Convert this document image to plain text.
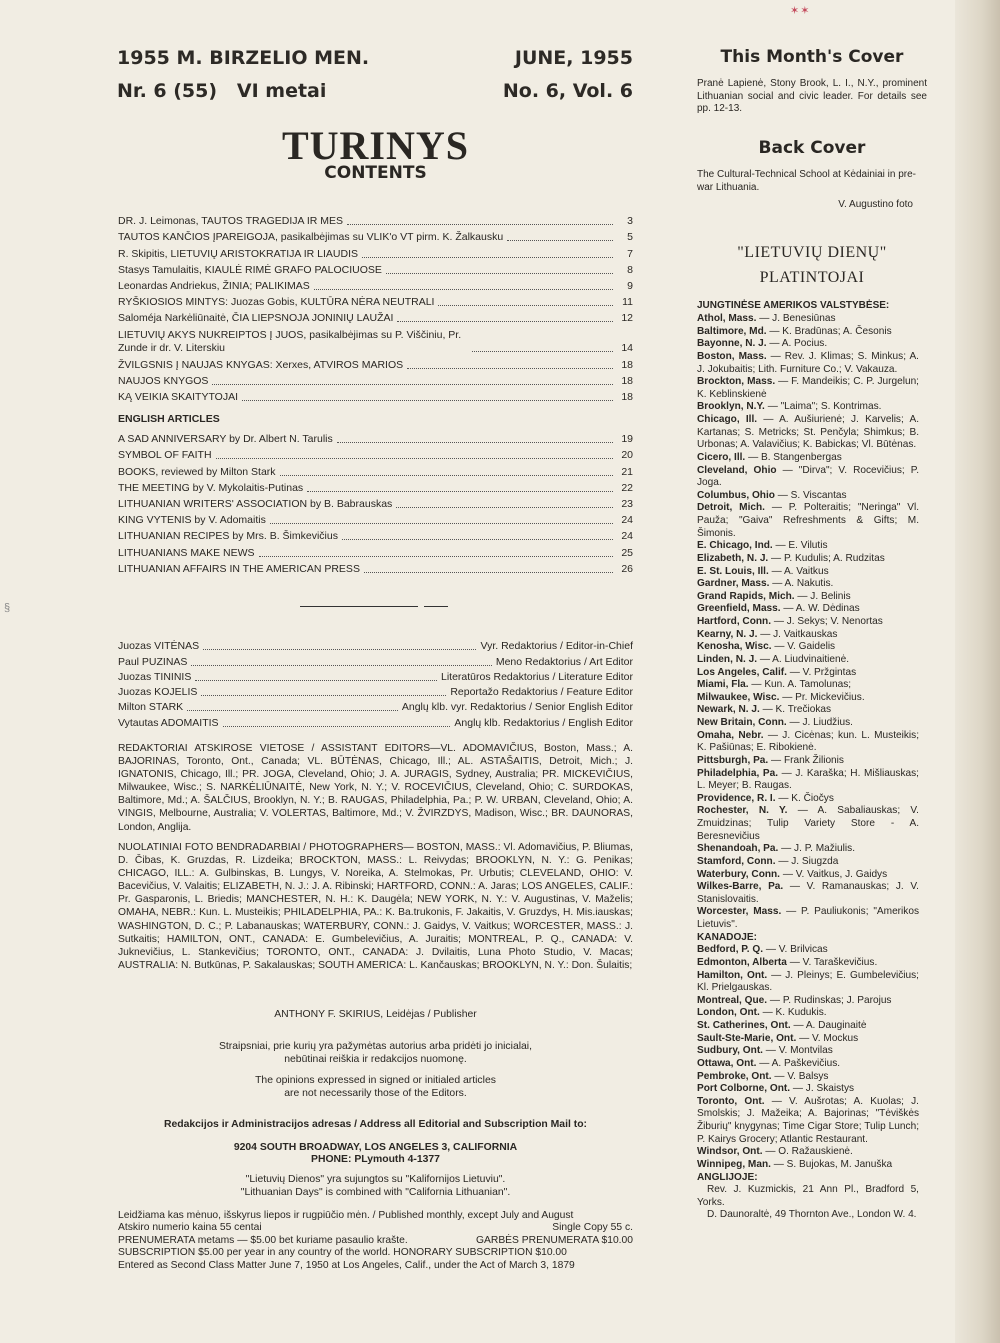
✶✶
1955 M. BIRZELIO MEN.
Nr. 6 (55)   VI metai
JUNE, 1955
No. 6, Vol. 6
TURINYS
CONTENTS
DR. J. Leimonas, TAUTOS TRAGEDIJA IR MES	3
TAUTOS KANČIOS ĮPAREIGOJA, pasikalbėjimas su VLIK'o VT pirm. K. Žalkausku	5
R. Skipitis, LIETUVIŲ ARISTOKRATIJA IR LIAUDIS	7
Stasys Tamulaitis, KIAULĖ RIMĖ GRAFO PALOCIUOSE	8
Leonardas Andriekus, ŽINIA; PALIKIMAS	9
RYŠKIOSIOS MINTYS: Juozas Gobis, KULTŪRA NĖRA NEUTRALI	11
Saloméja Narkėliūnaitė, ČIA LIEPSNOJA JONINIŲ LAUŽAI	12
LIETUVIŲ AKYS NUKREIPTOS Į JUOS, pasikalbėjimas su P. Viščiniu, Pr. Zunde ir dr. V. Literskiu	14
ŽVILGSNIS Į NAUJAS KNYGAS: Xerxes, ATVIROS MARIOS	18
NAUJOS KNYGOS	18
KĄ VEIKIA SKAITYTOJAI	18
ENGLISH ARTICLES
A SAD ANNIVERSARY by Dr. Albert N. Tarulis	19
SYMBOL OF FAITH	20
BOOKS, reviewed by Milton Stark	21
THE MEETING by V. Mykolaitis-Putinas	22
LITHUANIAN WRITERS' ASSOCIATION by B. Babrauskas	23
KING VYTENIS by V. Adomaitis	24
LITHUANIAN RECIPES by Mrs. B. Šimkevičius	24
LITHUANIANS MAKE NEWS	25
LITHUANIAN AFFAIRS IN THE AMERICAN PRESS	26
§
Juozas VITĖNAS	Vyr. Redaktorius / Editor-in-Chief
Paul PUZINAS	Meno Redaktorius / Art Editor
Juozas TININIS	Literatūros Redaktorius / Literature Editor
Juozas KOJELIS	Reportažo Redaktorius / Feature Editor
Milton STARK	Anglų klb. vyr. Redaktorius / Senior English Editor
Vytautas ADOMAITIS	Anglų klb. Redaktorius / English Editor

REDAKTORIAI ATSKIROSE VIETOSE / ASSISTANT EDITORS—VL. ADOMAVIČIUS, Boston, Mass.; A. BAJORINAS, Toronto, Ont., Canada; VL. BŪTĖNAS, Chicago, Ill.; AL. ASTAŠAITIS, Detroit, Mich.; J. IGNATONIS, Chicago, Ill.; PR. JOGA, Cleveland, Ohio; J. A. JURAGIS, Sydney, Australia; PR. MICKEVIČIUS, Milwaukee, Wisc.; S. NARKĖLIŪNAITĖ, New York, N. Y.; V. ROCEVIČIUS, Cleveland, Ohio; C. SURDOKAS, Baltimore, Md.; A. ŠALČIUS, Brooklyn, N. Y.; B. RAUGAS, Philadelphia, Pa.; P. W. URBAN, Cleveland, Ohio; A. VINGIS, Melbourne, Australia; V. VOLERTAS, Baltimore, Md.; V. ŽVIRZDYS, Madison, Wisc.; BR. DAUNORAS, London, Anglija.

NUOLATINIAI FOTO BENDRADARBIAI / PHOTOGRAPHERS— BOSTON, MASS.: Vl. Adomavičius, P. Bliumas, D. Čibas, K. Gruzdas, R. Lizdeika; BROCKTON, MASS.: L. Reivydas; BROOKLYN, N. Y.: G. Penikas; CHICAGO, ILL.: A. Gulbinskas, B. Lungys, V. Noreika, A. Stelmokas, Pr. Urbutis; CLEVELAND, OHIO: V. Bacevičius, V. Valaitis; ELIZABETH, N. J.: J. A. Ribinski; HARTFORD, CONN.: A. Jaras; LOS ANGELES, CALIF.: Pr. Gasparonis, L. Briedis; MANCHESTER, N. H.: K. Daugėla; NEW YORK, N. Y.: V. Augustinas, V. Maželis; OMAHA, NEBR.: Kun. L. Musteikis; PHILADELPHIA, PA.: K. Ba.trukonis, F. Jakaitis, V. Gruzdys, H. Mis.iauskas; WASHINGTON, D. C.; P. Labanauskas; WATERBURY, CONN.: J. Gaidys, V. Vaitkus; WORCESTER, MASS.: J. Sutkaitis; HAMILTON, ONT., CANADA: E. Gumbelevičius, A. Juraitis; MONTREAL, P. Q., CANADA: V. Juknevičius, L. Stankevičius; TORONTO, ONT., CANADA: J. Dvilaitis, Luna Photo Studio, V. Macas; AUSTRALIA: N. Butkūnas, P. Sakalauskas; SOUTH AMERICA: L. Kančauskas; BROOKLYN, N. Y.: Don. Šulaitis;

ANTHONY F. SKIRIUS, Leidėjas / Publisher
Straipsniai, prie kurių yra pažymėtas autorius arba pridėti jo inicialai,
nebūtinai reiškia ir redakcijos nuomonę.
The opinions expressed in signed or initialed articles
are not necessarily those of the Editors.
Redakcijos ir Administracijos adresas / Address all Editorial and Subscription Mail to:
9204 SOUTH BROADWAY, LOS ANGELES 3, CALIFORNIA
PHONE: PLymouth 4-1377
"Lietuvių Dienos" yra sujungtos su "Kalifornijos Lietuviu".
"Lithuanian Days" is combined with "California Lithuanian".
Leidžiama kas mėnuo, išskyrus liepos ir rugpiūčio mėn. / Published monthly, except July and August
Atskiro numerio kaina 55 centai	Single Copy 55 c.
PRENUMERATA metams — $5.00 bet kuriame pasaulio krašte.	GARBĖS PRENUMERATA $10.00
SUBSCRIPTION $5.00 per year in any country of the world. HONORARY SUBSCRIPTION $10.00
Entered as Second Class Matter June 7, 1950 at Los Angeles, Calif., under the Act of March 3, 1879
This Month's Cover
Pranė Lapienė, Stony Brook, L. I., N.Y., prominent Lithuanian social and civic leader. For details see pp. 12-13.
Back Cover
The Cultural-Technical School at Kėdainiai in pre-war Lithuania.
V. Augustino foto
"LIETUVIŲ DIENŲ"
PLATINTOJAI
JUNGTINĖSE AMERIKOS VALSTYBĖSE:
Athol, Mass. — J. Benesiūnas
Baltimore, Md. — K. Bradūnas; A. Česonis
Bayonne, N. J. — A. Pocius.
Boston, Mass. — Rev. J. Klimas; S. Minkus; A. J. Jokubaitis; Lith. Furniture Co.; V. Vakauza.
Brockton, Mass. — F. Mandeikis; C. P. Jurgelun; K. Keblinskienė
Brooklyn, N.Y. — "Laima"; S. Kontrimas.
Chicago, Ill. — A. Aušiurienė; J. Karvelis; A. Kartanas; S. Metricks; St. Penčyla; Shimkus; B. Urbonas; A. Valavičius; K. Babickas; Vl. Būtėnas.
Cicero, Ill. — B. Stangenbergas
Cleveland, Ohio — "Dirva"; V. Rocevičius; P. Joga.
Columbus, Ohio — S. Viscantas
Detroit, Mich. — P. Polteraitis; "Neringa" Vl. Pauža; "Gaiva" Refreshments & Gifts; M. Šimonis.
E. Chicago, Ind. — E. Vilutis
Elizabeth, N. J. — P. Kudulis; A. Rudzitas
E. St. Louis, Ill. — A. Vaitkus
Gardner, Mass. — A. Nakutis.
Grand Rapids, Mich. — J. Belinis
Greenfield, Mass. — A. W. Dėdinas
Hartford, Conn. — J. Sekys; V. Nenortas
Kearny, N. J. — J. Vaitkauskas
Kenosha, Wisc. — V. Gaidelis
Linden, N. J. — A. Liudvinaitienė.
Los Angeles, Calif. — V. Pržgintas
Miami, Fla. — Kun. A. Tamolunas;
Milwaukee, Wisc. — Pr. Mickevičius.
Newark, N. J. — K. Trečiokas
New Britain, Conn. — J. Liudžius.
Omaha, Nebr. — J. Cicėnas; kun. L. Musteikis; K. Pašiūnas; E. Ribokienė.
Pittsburgh, Pa. — Frank Žilionis
Philadelphia, Pa. — J. Karaška; H. Mišliauskas; L. Meyer; B. Raugas.
Providence, R. I. — K. Čiočys
Rochester, N. Y. — A. Sabaliauskas; V. Zmuidzinas; Tulip Variety Store - A. Beresnevičius
Shenandoah, Pa. — J. P. Mažiulis.
Stamford, Conn. — J. Siugzda
Waterbury, Conn. — V. Vaitkus, J. Gaidys
Wilkes-Barre, Pa. — V. Ramanauskas; J. V. Stanislovaitis.
Worcester, Mass. — P. Pauliukonis; "Amerikos Lietuvis".
KANADOJE:
Bedford, P. Q. — V. Brilvicas
Edmonton, Alberta — V. Taraškevičius.
Hamilton, Ont. — J. Pleinys; E. Gumbelevičius; Kl. Prielgauskas.
Montreal, Que. — P. Rudinskas; J. Parojus
London, Ont. — K. Kudukis.
St. Catherines, Ont. — A. Dauginaitė
Sault-Ste-Marie, Ont. — V. Mockus
Sudbury, Ont. — V. Montvilas
Ottawa, Ont. — A. Paškevičius.
Pembroke, Ont. — V. Balsys
Port Colborne, Ont. — J. Skaistys
Toronto, Ont. — V. Aušrotas; A. Kuolas; J. Smolskis; J. Mažeika; A. Bajorinas; "Tėviškės Žiburių" knygynas; Time Cigar Store; Tulip Lunch; P. Kairys Grocery; Atlantic Restaurant.
Windsor, Ont. — O. Ražauskienė.
Winnipeg, Man. — S. Bujokas, M. Januška
ANGLIJOJE:
Rev. J. Kuzmickis, 21 Ann Pl., Bradford 5, Yorks.
D. Daunoraltė, 49 Thornton Ave., London W. 4.
